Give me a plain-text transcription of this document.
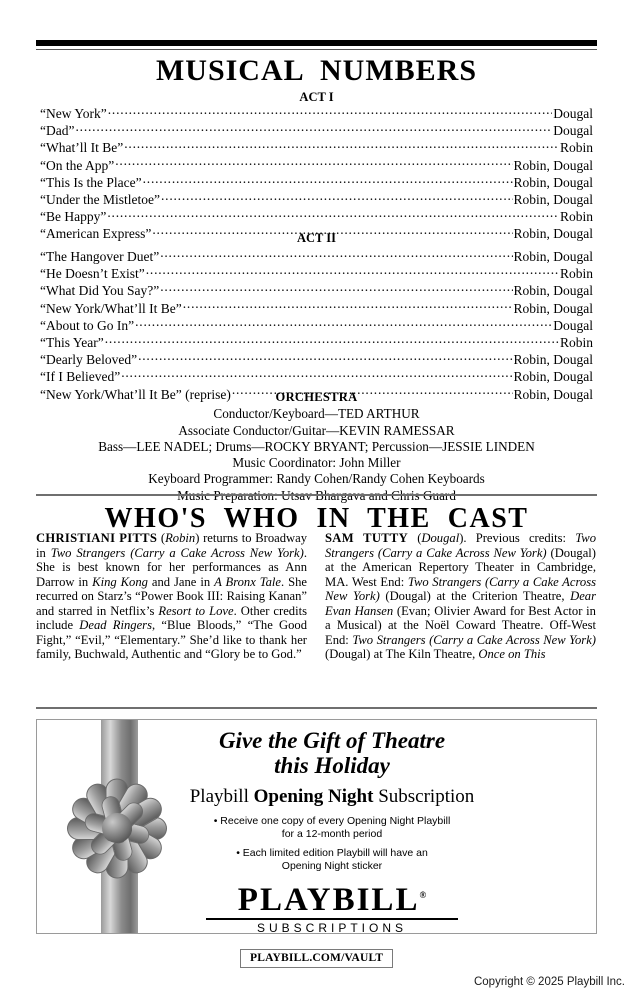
MUSICAL  NUMBERS
ACT I
“New York” .....	Dougal
“Dad” .....	Dougal
“What’ll It Be” .....	Robin
“On the App” .....	Robin, Dougal
“This Is the Place” .....	Robin, Dougal
“Under the Mistletoe” .....	Robin, Dougal
“Be Happy” .....	Robin
“American Express” .....	Robin, Dougal
ACT II
“The Hangover Duet” .....	Robin, Dougal
“He Doesn’t Exist” .....	Robin
“What Did You Say?” .....	Robin, Dougal
“New York/What’ll It Be” .....	Robin, Dougal
“About to Go In” .....	Dougal
“This Year” .....	Robin
“Dearly Beloved” .....	Robin, Dougal
“If I Believed” .....	Robin, Dougal
“New York/What’ll It Be” (reprise) .....	Robin, Dougal
ORCHESTRA
Conductor/Keyboard—TED ARTHUR
Associate Conductor/Guitar—KEVIN RAMESSAR
Bass—LEE NADEL; Drums—ROCKY BRYANT; Percussion—JESSIE LINDEN
Music Coordinator: John Miller
Keyboard Programmer: Randy Cohen/Randy Cohen Keyboards
WHO'S  WHO  IN  THE  CAST
CHRISTIANI PITTS (Robin) returns to Broadway in Two Strangers (Carry a Cake Across New York). She is best known for her performances as Ann Darrow in King Kong and Jane in A Bronx Tale. She recurred on Starz’s “Power Book III: Raising Kanan” and starred in Netflix’s Resort to Love. Other credits include Dead Ringers, “Blue Bloods,” “The Good Fight,” “Evil,” “Elementary.” She’d like to thank her family, Buchwald, Authentic and “Glory be to God.”
SAM TUTTY (Dougal). Previous credits: Two Strangers (Carry a Cake Across New York) (Dougal) at the American Repertory Theater in Cambridge, MA. West End: Two Strangers (Carry a Cake Across New York) (Dougal) at the Criterion Theatre, Dear Evan Hansen (Evan; Olivier Award for Best Actor in a Musical) at the Noël Coward Theatre. Off-West End: Two Strangers (Carry a Cake Across New York) (Dougal) at The Kiln Theatre, Once on This
Give the Gift of Theatre
this Holiday
Playbill Opening Night Subscription
• Receive one copy of every Opening Night Playbill
for a 12-month period
• Each limited edition Playbill will have an
Opening Night sticker
PLAYBILL®
SUBSCRIPTIONS
PLAYBILL.COM/VAULT
Copyright © 2025 Playbill Inc.
